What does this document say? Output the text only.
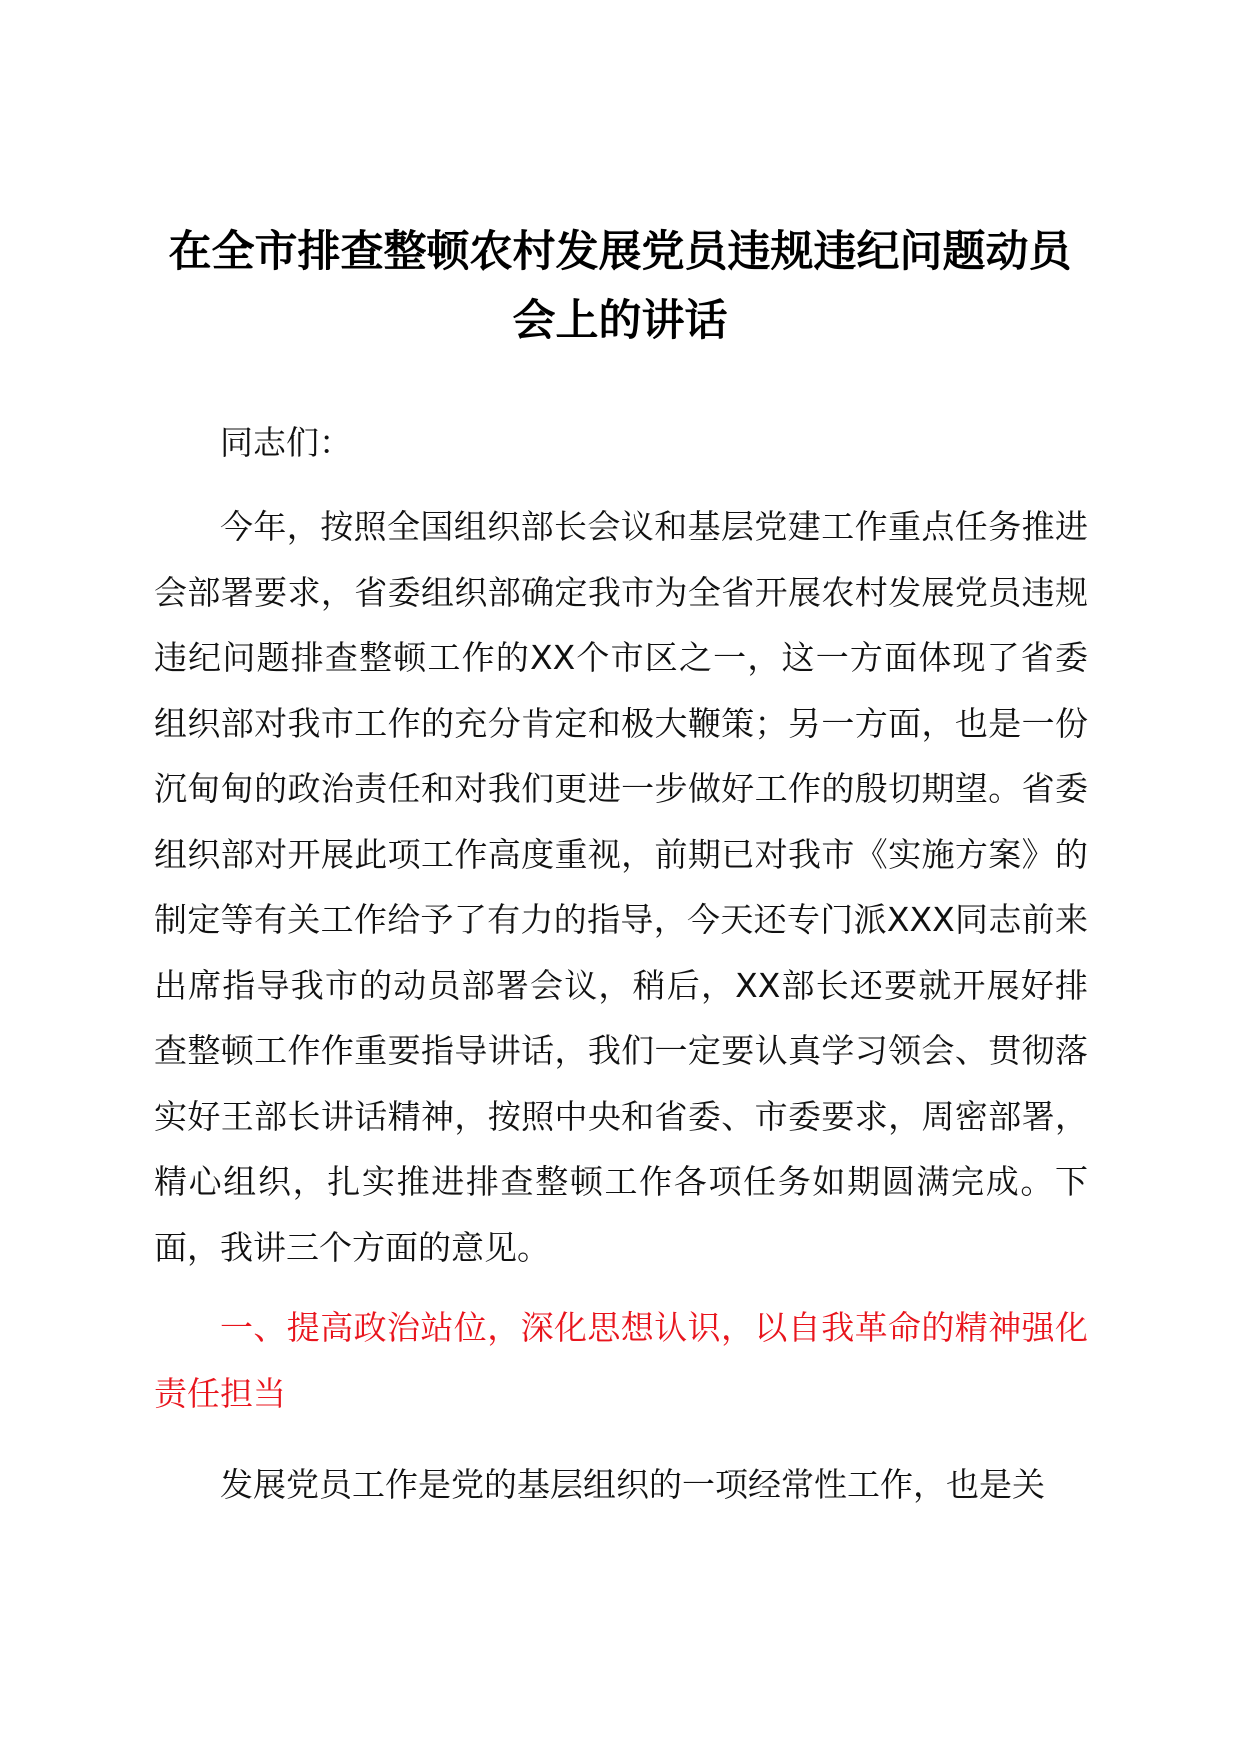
在全市排查整顿农村发展党员违规违纪问题动员会上的讲话

同志们：

今年，按照全国组织部长会议和基层党建工作重点任务推进会部署要求，省委组织部确定我市为全省开展农村发展党员违规违纪问题排查整顿工作的XX个市区之一，这一方面体现了省委组织部对我市工作的充分肯定和极大鞭策；另一方面，也是一份沉甸甸的政治责任和对我们更进一步做好工作的殷切期望。省委组织部对开展此项工作高度重视，前期已对我市《实施方案》的制定等有关工作给予了有力的指导，今天还专门派XXX同志前来出席指导我市的动员部署会议，稍后，XX部长还要就开展好排查整顿工作作重要指导讲话，我们一定要认真学习领会、贯彻落实好王部长讲话精神，按照中央和省委、市委要求，周密部署，精心组织，扎实推进排查整顿工作各项任务如期圆满完成。下面，我讲三个方面的意见。

一、提高政治站位，深化思想认识，以自我革命的精神强化责任担当

发展党员工作是党的基层组织的一项经常性工作，也是关
